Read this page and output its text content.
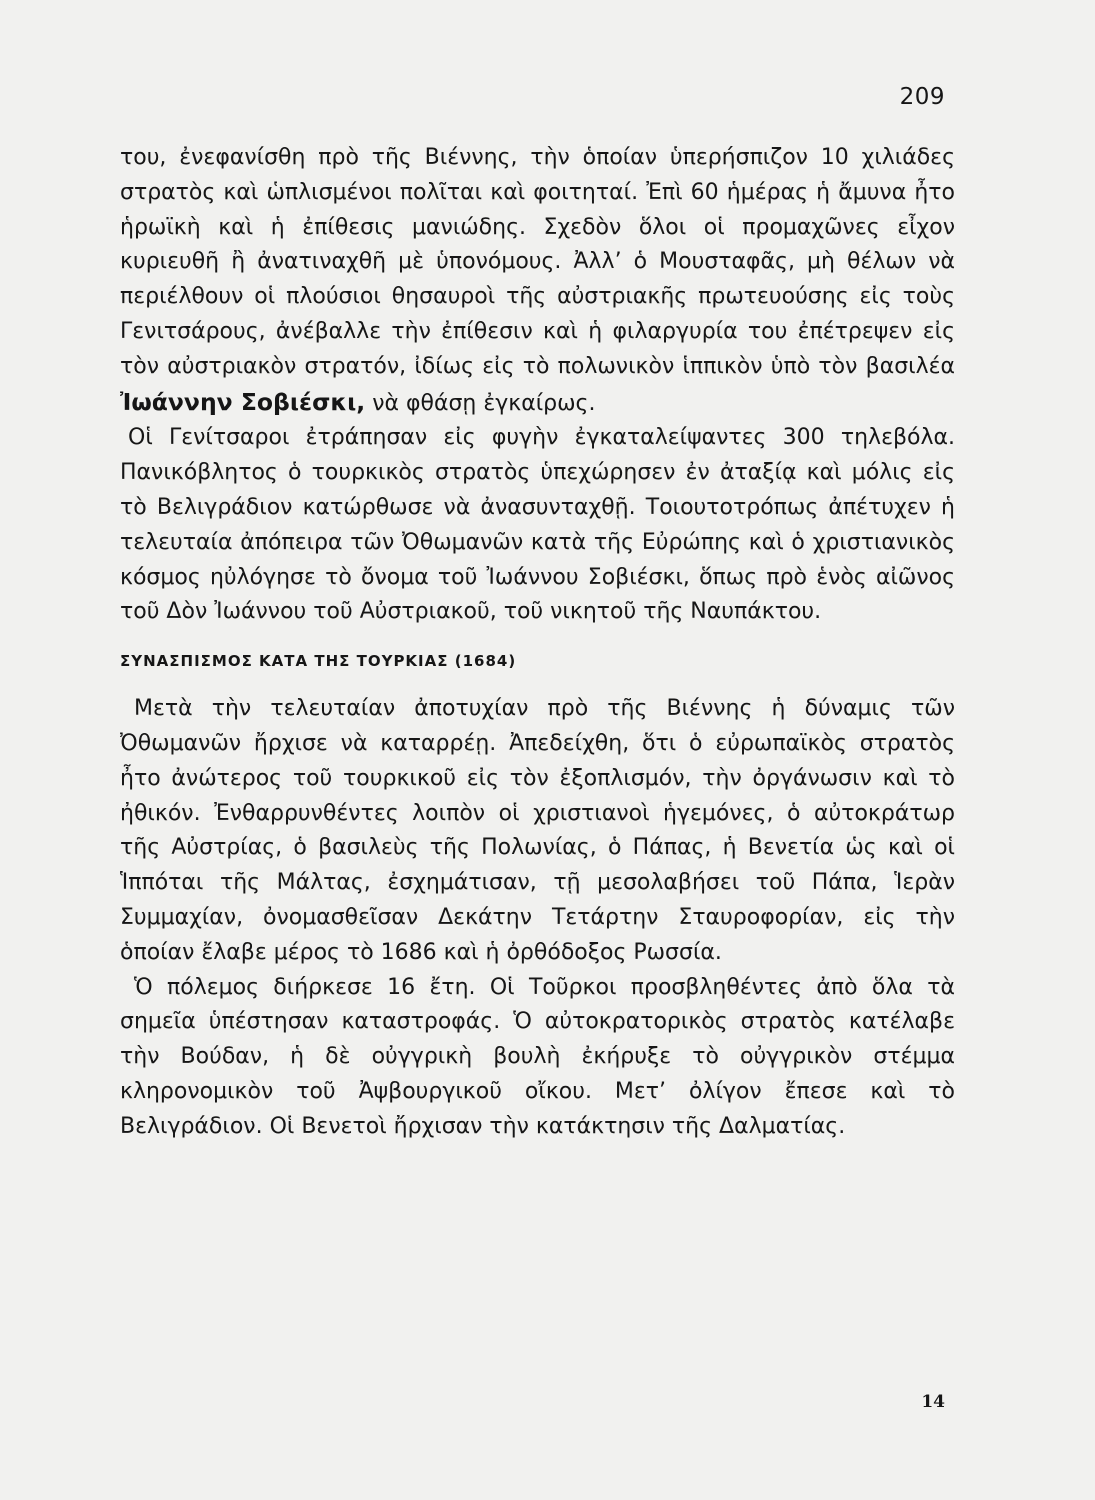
209

του, ἐνεφανίσθη πρὸ τῆς Βιέννης, τὴν ὁποίαν ὑπερήσπιζον 10 χιλιάδες στρατὸς καὶ ὡπλισμένοι πολῖται καὶ φοιτηταί. Ἐπὶ 60 ἡμέρας ἡ ἄμυνα ἦτο ἡρωϊκὴ καὶ ἡ ἐπίθεσις μανιώδης. Σχεδὸν ὅλοι οἱ προμαχῶνες εἶχον κυριευθῆ ἢ ἀνατιναχθῆ μὲ ὑπονόμους. Ἀλλ’ ὁ Μουσταφᾶς, μὴ θέλων νὰ περιέλθουν οἱ πλούσιοι θησαυροὶ τῆς αὐστριακῆς πρωτευούσης εἰς τοὺς Γενιτσάρους, ἀνέβαλλε τὴν ἐπίθεσιν καὶ ἡ φιλαργυρία του ἐπέτρεψεν εἰς τὸν αὐστριακὸν στρατόν, ἰδίως εἰς τὸ πολωνικὸν ἱππικὸν ὑπὸ τὸν βασιλέα Ἰωάννην Σοβιέσκι, νὰ φθάσῃ ἐγκαίρως.

Οἱ Γενίτσαροι ἐτράπησαν εἰς φυγὴν ἐγκαταλείψαντες 300 τηλεβόλα. Πανικόβλητος ὁ τουρκικὸς στρατὸς ὑπεχώρησεν ἐν ἀταξίᾳ καὶ μόλις εἰς τὸ Βελιγράδιον κατώρθωσε νὰ ἀνασυνταχθῇ. Τοιουτοτρόπως ἀπέτυχεν ἡ τελευταία ἀπόπειρα τῶν Ὀθωμανῶν κατὰ τῆς Εὐρώπης καὶ ὁ χριστιανικὸς κόσμος ηὐλόγησε τὸ ὄνομα τοῦ Ἰωάννου Σοβιέσκι, ὅπως πρὸ ἑνὸς αἰῶνος τοῦ Δὸν Ἰωάννου τοῦ Αὐστριακοῦ, τοῦ νικητοῦ τῆς Ναυπάκτου.

ΣΥΝΑΣΠΙΣΜΟΣ ΚΑΤΑ ΤΗΣ ΤΟΥΡΚΙΑΣ (1684)

Μετὰ τὴν τελευταίαν ἀποτυχίαν πρὸ τῆς Βιέννης ἡ δύναμις τῶν Ὀθωμανῶν ἤρχισε νὰ καταρρέῃ. Ἀπεδείχθη, ὅτι ὁ εὐρωπαϊκὸς στρατὸς ἦτο ἀνώτερος τοῦ τουρκικοῦ εἰς τὸν ἐξοπλισμόν, τὴν ὀργάνωσιν καὶ τὸ ἠθικόν. Ἐνθαρρυνθέντες λοιπὸν οἱ χριστιανοὶ ἡγεμόνες, ὁ αὐτοκράτωρ τῆς Αὐστρίας, ὁ βασιλεὺς τῆς Πολωνίας, ὁ Πάπας, ἡ Βενετία ὡς καὶ οἱ Ἱππόται τῆς Μάλτας, ἐσχημάτισαν, τῇ μεσολαβήσει τοῦ Πάπα, Ἱερὰν Συμμαχίαν, ὀνομασθεῖσαν Δεκάτην Τετάρτην Σταυροφορίαν, εἰς τὴν ὁποίαν ἔλαβε μέρος τὸ 1686 καὶ ἡ ὀρθόδοξος Ρωσσία.

Ὁ πόλεμος διήρκεσε 16 ἔτη. Οἱ Τοῦρκοι προσβληθέντες ἀπὸ ὅλα τὰ σημεῖα ὑπέστησαν καταστροφάς. Ὁ αὐτοκρατορικὸς στρατὸς κατέλαβε τὴν Βούδαν, ἡ δὲ οὐγγρικὴ βουλὴ ἐκήρυξε τὸ οὐγγρικὸν στέμμα κληρονομικὸν τοῦ Ἀψβουργικοῦ οἴκου. Μετ’ ὀλίγον ἔπεσε καὶ τὸ Βελιγράδιον. Οἱ Βενετοὶ ἤρχισαν τὴν κατάκτησιν τῆς Δαλματίας.

14
